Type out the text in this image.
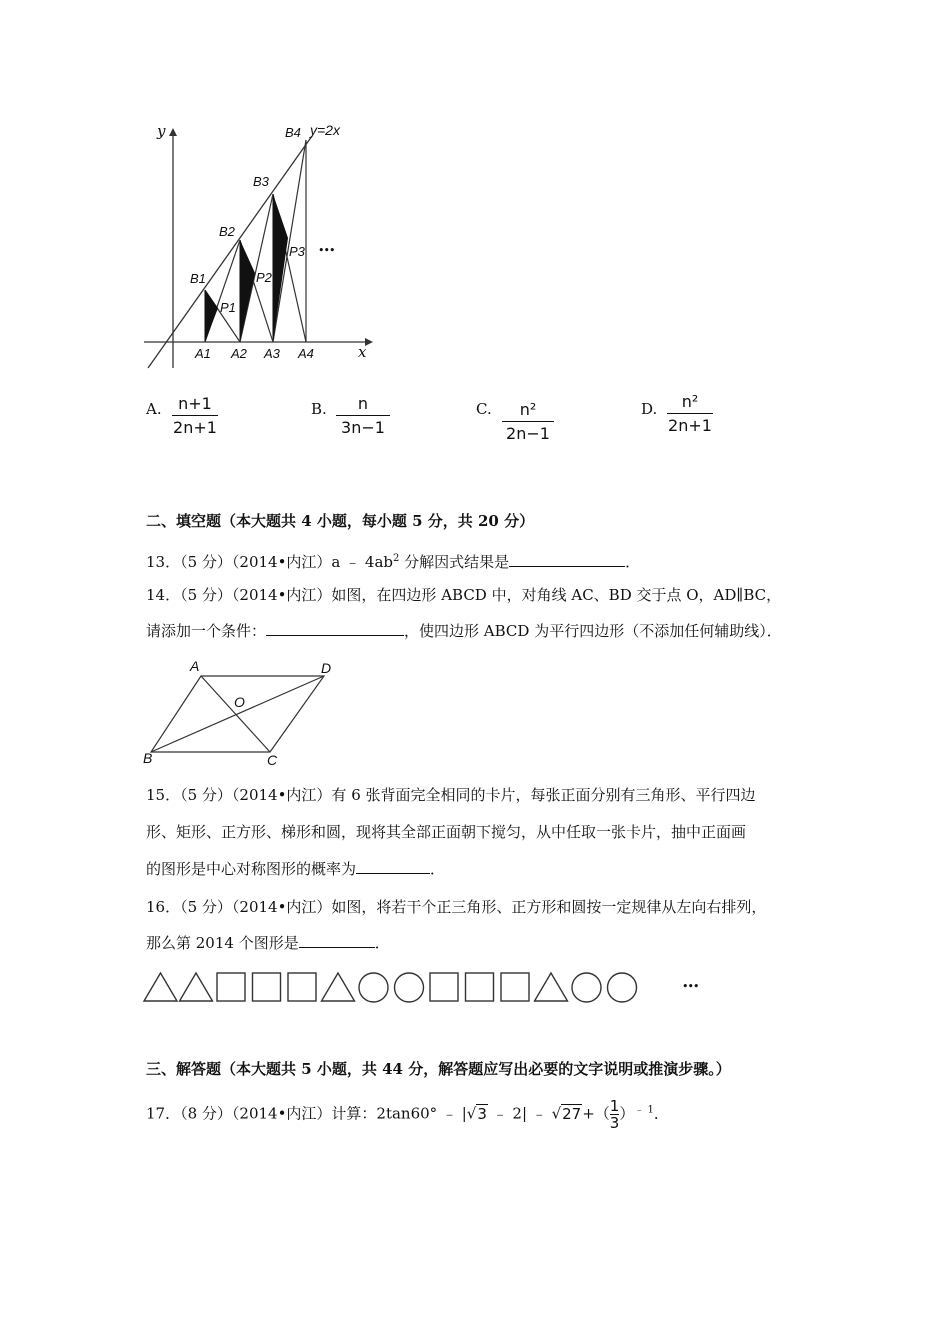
y
x
y=2x
•••
B1
B2
B3
B4
A1 A2 A3 A4
P1
P2
P3
A.	n+1
2n+1
B.	n
3n−1
C.	n²
2n−1
D.	n²
2n+1
二、填空题（本大题共 4 小题，每小题 5 分，共 20 分）
13．（5 分）（2014•内江）a ﹣ $4ab^2$ 分解因式结果是	．
14．（5 分）（2014•内江）如图，在四边形 ABCD 中，对角线 AC、BD 交于点 O，AD∥BC，
请添加一个条件：	，使四边形 ABCD 为平行四边形（不添加任何辅助线）．
A	D
O
B	C
15．（5 分）（2014•内江）有 6 张背面完全相同的卡片，每张正面分别有三角形、平行四边
形、矩形、正方形、梯形和圆，现将其全部正面朝下搅匀，从中任取一张卡片，抽中正面画
的图形是中心对称图形的概率为	．
16．（5 分）（2014•内江）如图，将若干个正三角形、正方形和圆按一定规律从左向右排列，
那么第 2014 个图形是	．
•••
三、解答题（本大题共 5 小题，共 44 分，解答题应写出必要的文字说明或推演步骤。）
17．（8 分）（2014•内江）计算：2tan60° ﹣ |√3 ﹣ 2| ﹣ $√27+( \frac{1}{3} )^{﹣ 1}$．
